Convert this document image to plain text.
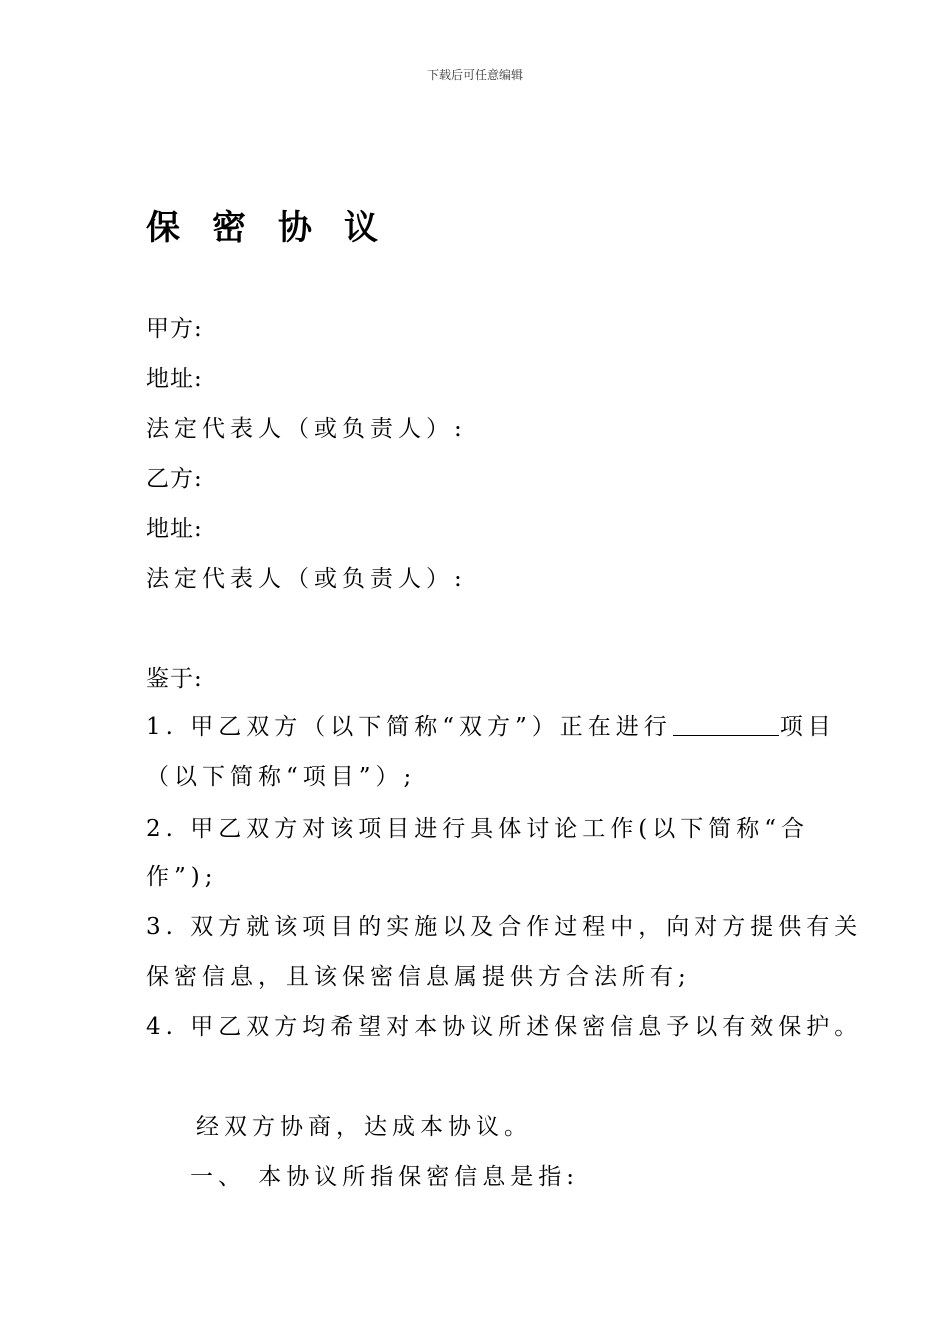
下载后可任意编辑
保密协议
甲方:
地址:
法定代表人（或负责人）:
乙方:
地址:
法定代表人（或负责人）:
鉴于:
1. 甲乙双方（以下简称“双方”）正在进行	项目
（以下简称“项目”）;
2. 甲乙双方对该项目进行具体讨论工作(以下简称“合
作”);
3. 双方就该项目的实施以及合作过程中，向对方提供有关
保密信息，且该保密信息属提供方合法所有;
4. 甲乙双方均希望对本协议所述保密信息予以有效保护。
经双方协商，达成本协议。
一、 本协议所指保密信息是指:
